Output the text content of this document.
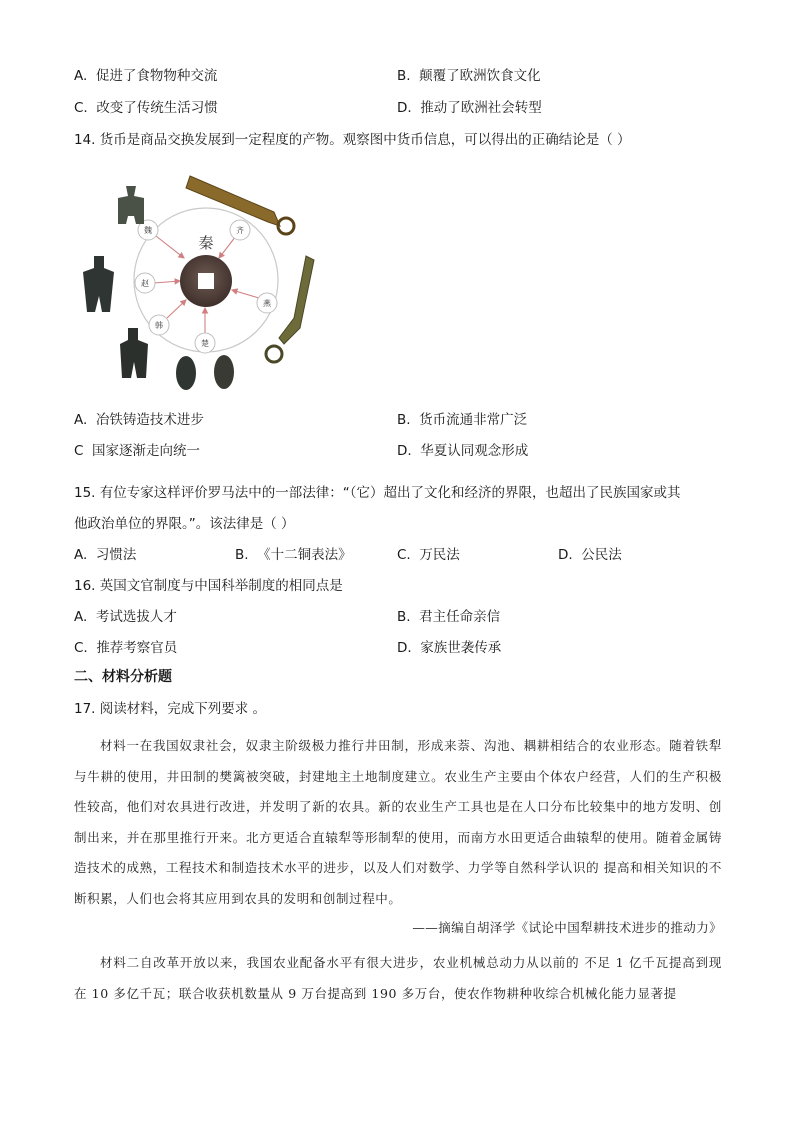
A. 促进了食物物种交流	B. 颠覆了欧洲饮食文化
C. 改变了传统生活习惯	D. 推动了欧洲社会转型
14. 货币是商品交换发展到一定程度的产物。观察图中货币信息，可以得出的正确结论是（ ）
魏	齐
燕
楚
韩
赵
秦
A. 冶铁铸造技术进步	B. 货币流通非常广泛
C 国家逐渐走向统一	D. 华夏认同观念形成
15. 有位专家这样评价罗马法中的一部法律：“（它）超出了文化和经济的界限，也超出了民族国家或其
他政治单位的界限。”。该法律是（ ）
A. 习惯法	B. 《十二铜表法》	C. 万民法	D. 公民法
16. 英国文官制度与中国科举制度的相同点是
A. 考试选拔人才	B. 君主任命亲信
C. 推荐考察官员	D. 家族世袭传承
二、材料分析题
17. 阅读材料，完成下列要求 。
材料一在我国奴隶社会，奴隶主阶级极力推行井田制，形成来萘、沟池、耦耕相结合的农业形态。随着铁犁与牛耕的使用，井田制的樊篱被突破，封建地主土地制度建立。农业生产主要由个体农户经营，人们的生产积极性较高，他们对农具进行改进，并发明了新的农具。新的农业生产工具也是在人口分布比较集中的地方发明、创制出来，并在那里推行开来。北方更适合直辕犁等形制犁的使用，而南方水田更适合曲辕犁的使用。随着金属铸造技术的成熟，工程技术和制造技术水平的进步，以及人们对数学、力学等自然科学认识的 提高和相关知识的不断积累，人们也会将其应用到农具的发明和创制过程中。
——摘编自胡泽学《试论中国犁耕技术进步的推动力》
材料二自改革开放以来，我国农业配备水平有很大进步，农业机械总动力从以前的 不足 1 亿千瓦提高到现在 10 多亿千瓦；联合收获机数量从 9 万台提高到 190 多万台，使农作物耕种收综合机械化能力显著提
